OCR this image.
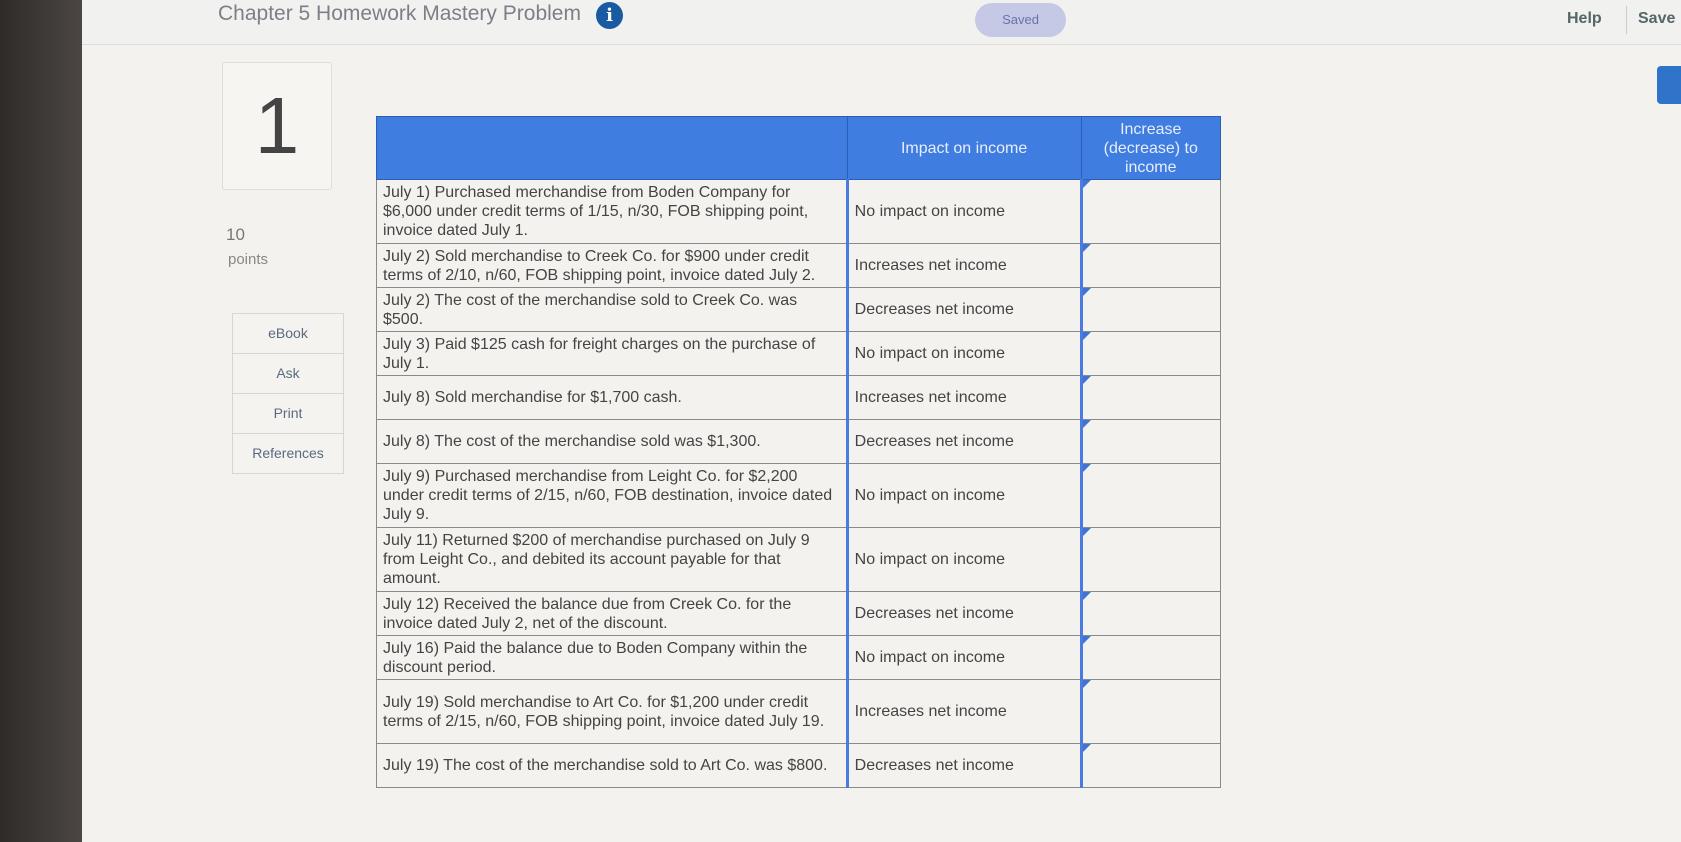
Chapter 5 Homework Mastery Problem	i	Saved	Help Save
1
10
points
eBook
Ask
Print
References
	Impact on income	Increase (decrease) to income
July 1) Purchased merchandise from Boden Company for $6,000 under credit terms of 1/15, n/30, FOB shipping point, invoice dated July 1.	No impact on income	
July 2) Sold merchandise to Creek Co. for $900 under credit terms of 2/10, n/60, FOB shipping point, invoice dated July 2.	Increases net income	
July 2) The cost of the merchandise sold to Creek Co. was $500.	Decreases net income	
July 3) Paid $125 cash for freight charges on the purchase of July 1.	No impact on income	
July 8) Sold merchandise for $1,700 cash.	Increases net income	
July 8) The cost of the merchandise sold was $1,300.	Decreases net income	
July 9) Purchased merchandise from Leight Co. for $2,200 under credit terms of 2/15, n/60, FOB destination, invoice dated July 9.	No impact on income	
July 11) Returned $200 of merchandise purchased on July 9 from Leight Co., and debited its account payable for that amount.	No impact on income	
July 12) Received the balance due from Creek Co. for the invoice dated July 2, net of the discount.	Decreases net income	
July 16) Paid the balance due to Boden Company within the discount period.	No impact on income	
July 19) Sold merchandise to Art Co. for $1,200 under credit terms of 2/15, n/60, FOB shipping point, invoice dated July 19.	Increases net income	
July 19) The cost of the merchandise sold to Art Co. was $800.	Decreases net income	
